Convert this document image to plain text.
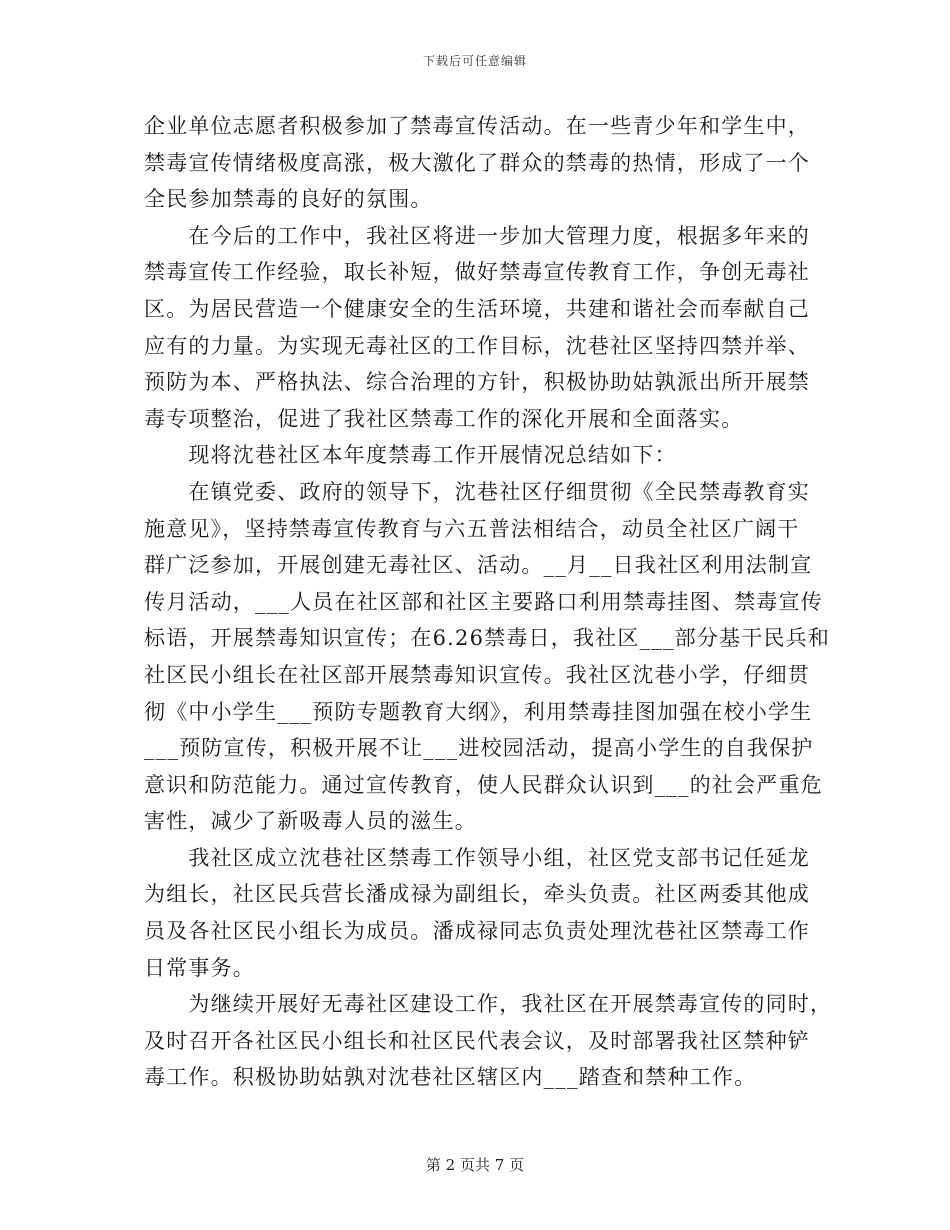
下载后可任意编辑
企业单位志愿者积极参加了禁毒宣传活动。在一些青少年和学生中，
禁毒宣传情绪极度高涨，极大激化了群众的禁毒的热情，形成了一个
全民参加禁毒的良好的氛围。
　　在今后的工作中，我社区将进一步加大管理力度，根据多年来的
禁毒宣传工作经验，取长补短，做好禁毒宣传教育工作，争创无毒社
区。为居民营造一个健康安全的生活环境，共建和谐社会而奉献自己
应有的力量。为实现无毒社区的工作目标，沈巷社区坚持四禁并举、
预防为本、严格执法、综合治理的方针，积极协助姑孰派出所开展禁
毒专项整治，促进了我社区禁毒工作的深化开展和全面落实。
　　现将沈巷社区本年度禁毒工作开展情况总结如下：
　　在镇党委、政府的领导下，沈巷社区仔细贯彻《全民禁毒教育实
施意见》，坚持禁毒宣传教育与六五普法相结合，动员全社区广阔干
群广泛参加，开展创建无毒社区、活动。__月__日我社区利用法制宣
传月活动，___人员在社区部和社区主要路口利用禁毒挂图、禁毒宣传
标语，开展禁毒知识宣传；在6.26禁毒日，我社区___部分基干民兵和
社区民小组长在社区部开展禁毒知识宣传。我社区沈巷小学，仔细贯
彻《中小学生___预防专题教育大纲》，利用禁毒挂图加强在校小学生
___预防宣传，积极开展不让___进校园活动，提高小学生的自我保护
意识和防范能力。通过宣传教育，使人民群众认识到___的社会严重危
害性，减少了新吸毒人员的滋生。
　　我社区成立沈巷社区禁毒工作领导小组，社区党支部书记任延龙
为组长，社区民兵营长潘成禄为副组长，牵头负责。社区两委其他成
员及各社区民小组长为成员。潘成禄同志负责处理沈巷社区禁毒工作
日常事务。
　　为继续开展好无毒社区建设工作，我社区在开展禁毒宣传的同时，
及时召开各社区民小组长和社区民代表会议，及时部署我社区禁种铲
毒工作。积极协助姑孰对沈巷社区辖区内___踏查和禁种工作。
第 2 页共 7 页
